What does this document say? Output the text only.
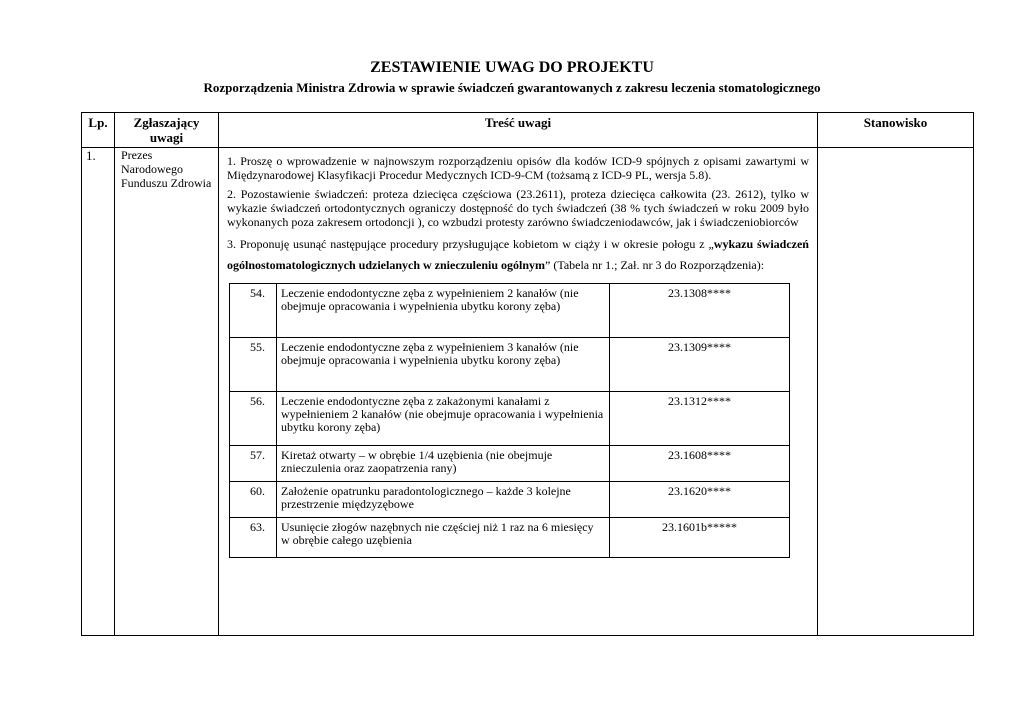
ZESTAWIENIE UWAG DO PROJEKTU
Rozporządzenia Ministra Zdrowia w sprawie świadczeń gwarantowanych z zakresu leczenia stomatologicznego
Lp.	Zgłaszający uwagi	Treść uwagi	Stanowisko
1.	Prezes Narodowego Funduszu Zdrowia	

1. Proszę o wprowadzenie w najnowszym rozporządzeniu opisów dla kodów ICD-9 spójnych z opisami zawartymi w Międzynarodowej Klasyfikacji Procedur Medycznych ICD-9-CM (tożsamą z ICD-9 PL, wersja 5.8).

2. Pozostawienie świadczeń: proteza dziecięca częściowa (23.2611), proteza dziecięca całkowita (23. 2612), tylko w wykazie świadczeń ortodontycznych ograniczy dostępność do tych świadczeń (38 % tych świadczeń w roku 2009 było wykonanych poza zakresem ortodoncji ), co wzbudzi protesty zarówno świadczeniodawców, jak i świadczeniobiorców

3. Proponuję usunąć następujące procedury przysługujące kobietom w ciąży i w okresie połogu z „wykazu świadczeń ogólnostomatologicznych udzielanych w znieczuleniu ogólnym” (Tabela nr 1.; Zał. nr 3 do Rozporządzenia):

54.	Leczenie endodontyczne zęba z wypełnieniem 2 kanałów (nie obejmuje opracowania i wypełnienia ubytku korony zęba)	23.1308****
55.	Leczenie endodontyczne zęba z wypełnieniem 3 kanałów (nie obejmuje opracowania i wypełnienia ubytku korony zęba)	23.1309****
56.	Leczenie endodontyczne zęba z zakażonymi kanałami z wypełnieniem 2 kanałów (nie obejmuje opracowania i wypełnienia ubytku korony zęba)	23.1312****
57.	Kiretaż otwarty – w obrębie 1/4 uzębienia (nie obejmuje znieczulenia oraz zaopatrzenia rany)	23.1608****
60.	Założenie opatrunku paradontologicznego – każde 3 kolejne przestrzenie międzyzębowe	23.1620****
63.	Usunięcie złogów nazębnych nie częściej niż 1 raz na 6 miesięcy w obrębie całego uzębienia	23.1601b*****
